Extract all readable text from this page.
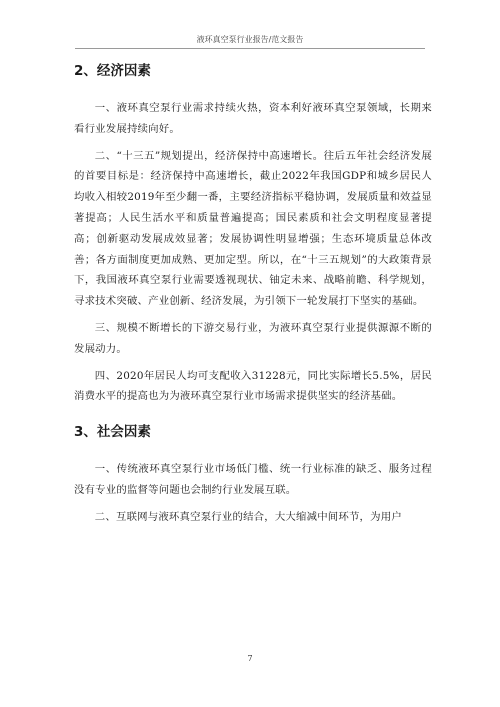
液环真空泵行业报告/范文报告
2、经济因素

一、液环真空泵行业需求持续火热，资本利好液环真空泵领域，长期来看行业发展持续向好。

二、“十三五”规划提出，经济保持中高速增长。往后五年社会经济发展的首要目标是：经济保持中高速增长，截止2022年我国GDP和城乡居民人均收入相较2019年至少翻一番，主要经济指标平稳协调，发展质量和效益显著提高；人民生活水平和质量普遍提高；国民素质和社会文明程度显著提高；创新驱动发展成效显著；发展协调性明显增强；生态环境质量总体改善；各方面制度更加成熟、更加定型。所以，在“十三五规划”的大政策背景下，我国液环真空泵行业需要透视现状、铀定未来、战略前瞻、科学规划，寻求技术突破、产业创新、经济发展，为引领下一轮发展打下坚实的基础。

三、规模不断增长的下游交易行业，为液环真空泵行业提供源源不断的发展动力。

四、2020年居民人均可支配收入31228元，同比实际增长5.5%，居民消费水平的提高也为为液环真空泵行业市场需求提供坚实的经济基础。

3、社会因素

一、传统液环真空泵行业市场低门槛、统一行业标准的缺乏、服务过程没有专业的监督等问题也会制约行业发展互联。

二、互联网与液环真空泵行业的结合，大大缩减中间环节，为用户

7
